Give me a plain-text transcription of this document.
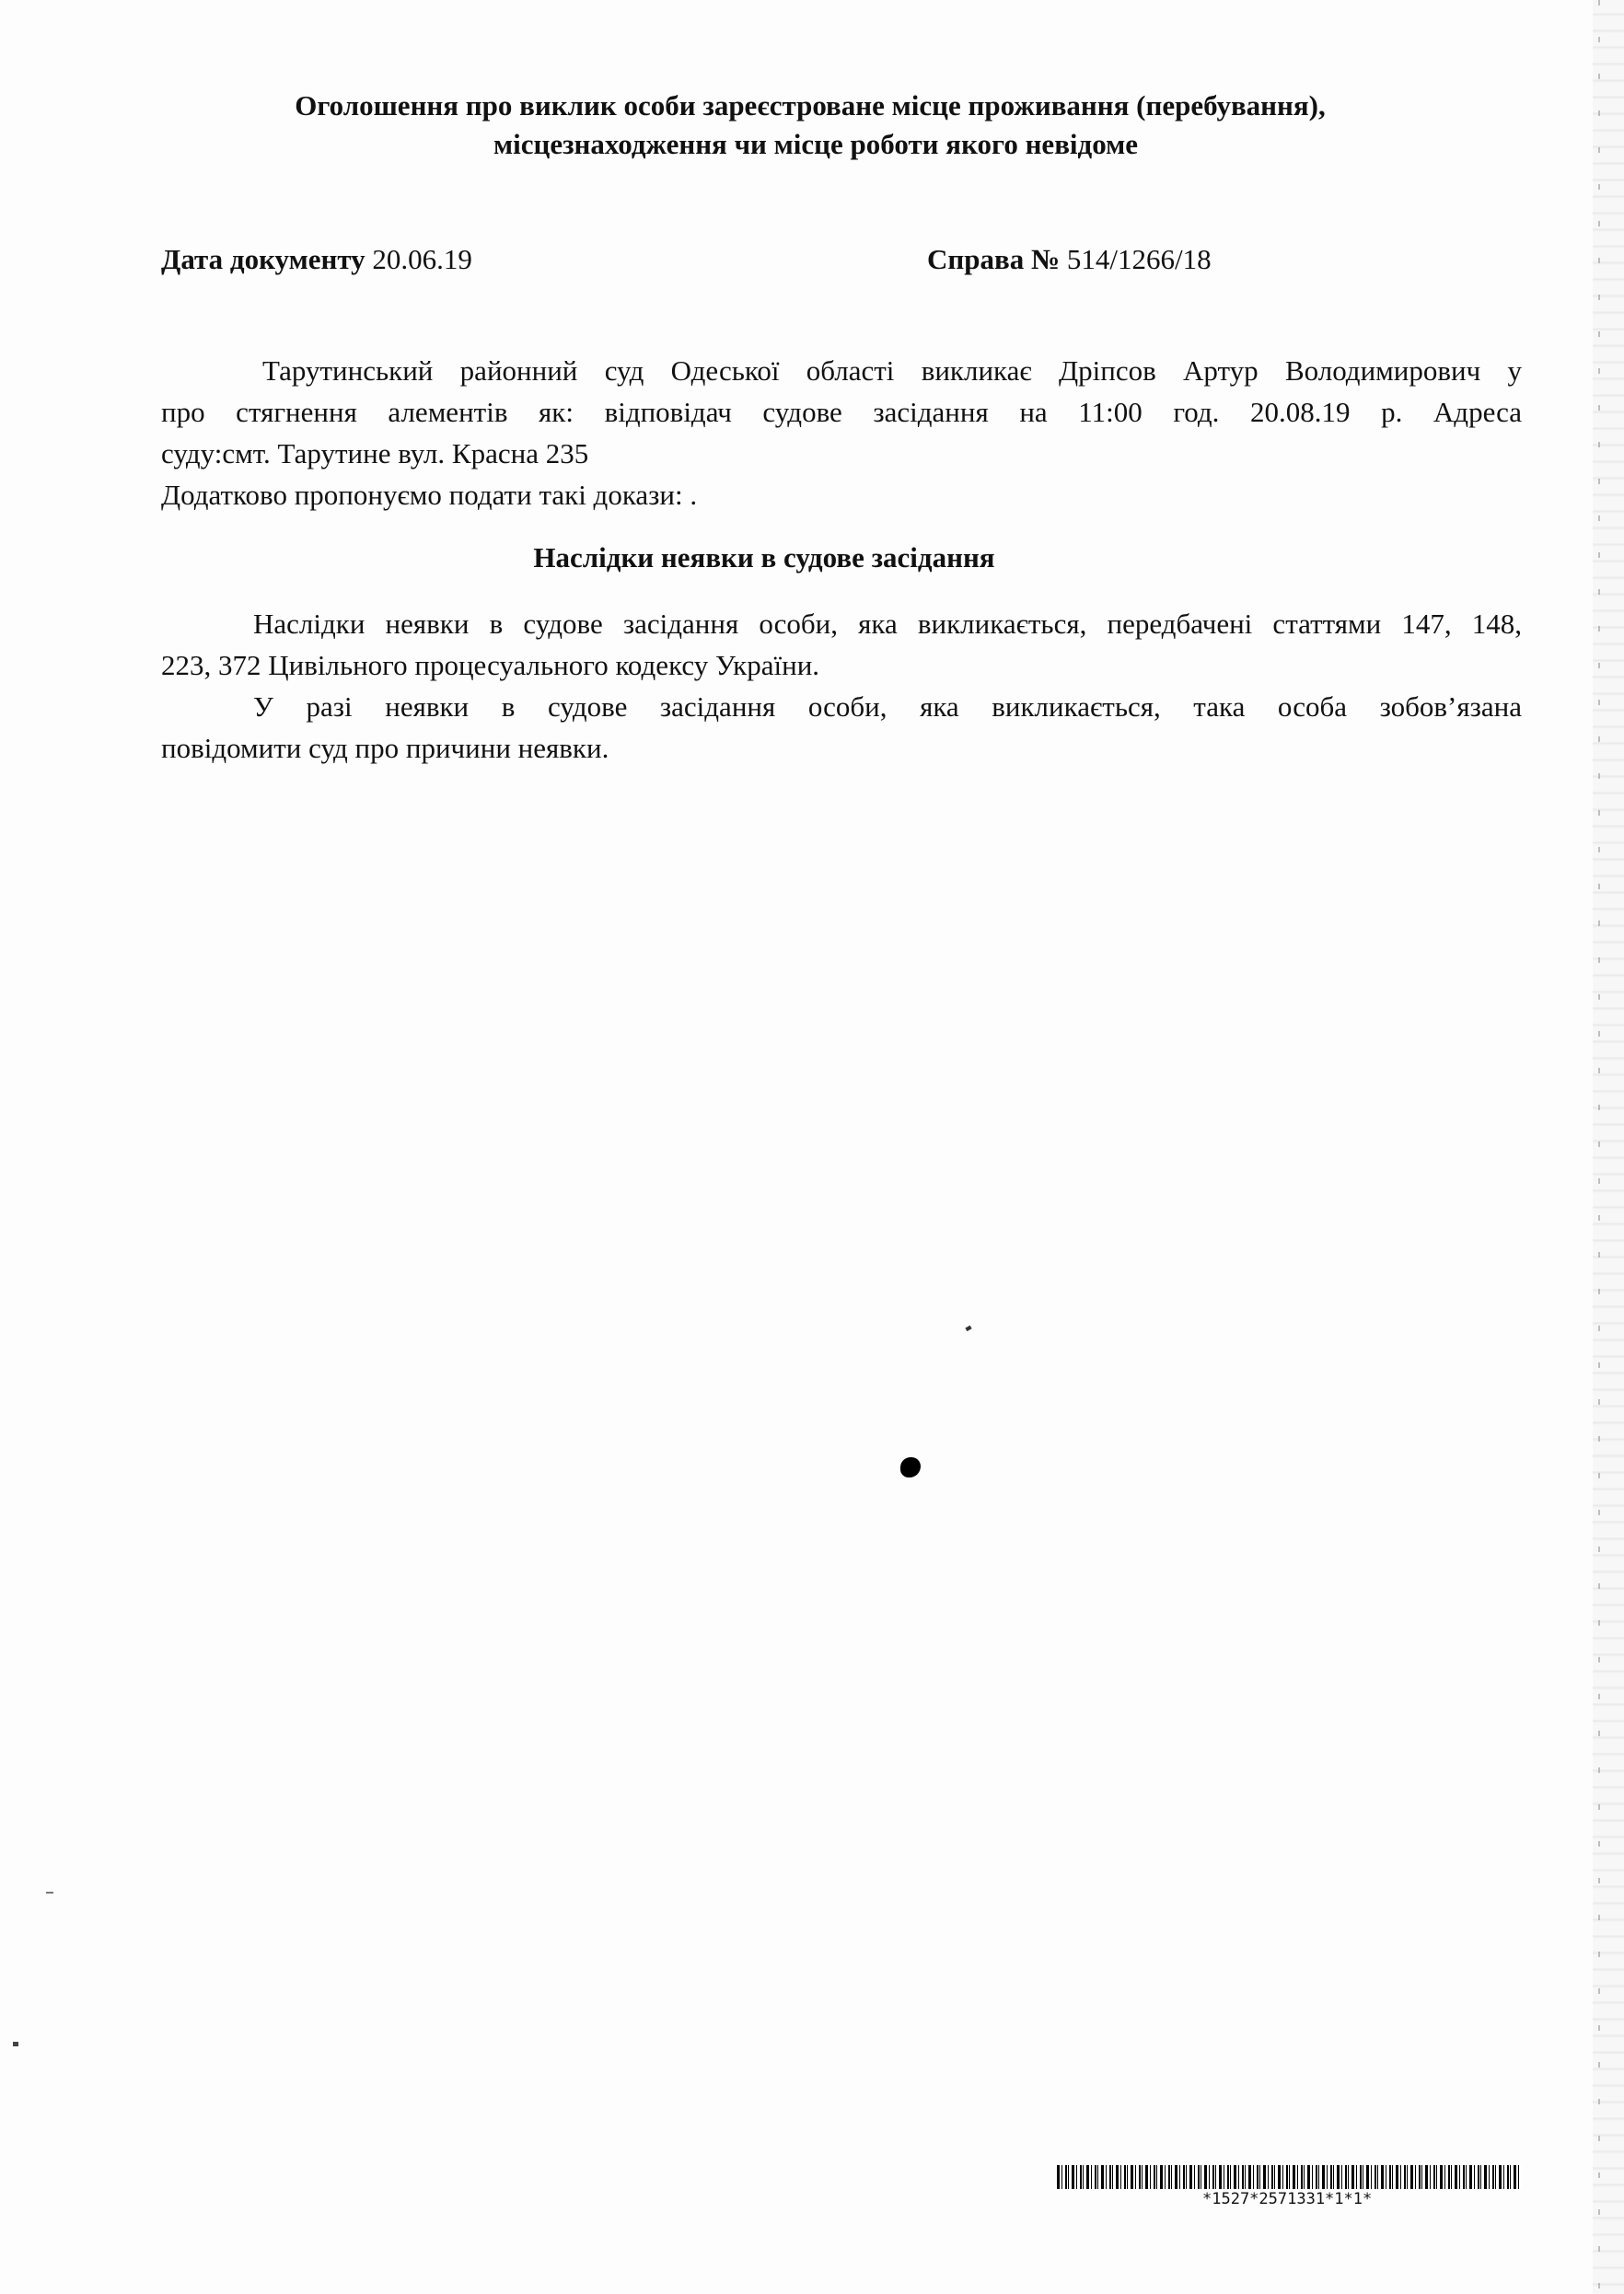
Оголошення про виклик особи зареєстроване місце проживання (перебування),
місцезнаходження чи місце роботи якого невідоме
Дата документу 20.06.19	Справа № 514/1266/18
Тарутинський районний суд Одеської області викликає Дріпсов Артур Володимирович у
про стягнення алементів як: відповідач судове засідання на 11:00 год. 20.08.19 р. Адреса
суду:смт. Тарутине вул. Красна 235
Додатково пропонуємо подати такі докази: .
Наслідки неявки в судове засідання
Наслідки неявки в судове засідання особи, яка викликається, передбачені статтями 147, 148,
223, 372 Цивільного процесуального кодексу України.
У разі неявки в судове засідання особи, яка викликається, така особа зобов’язана
повідомити суд про причини неявки.
*1527*2571331*1*1*
